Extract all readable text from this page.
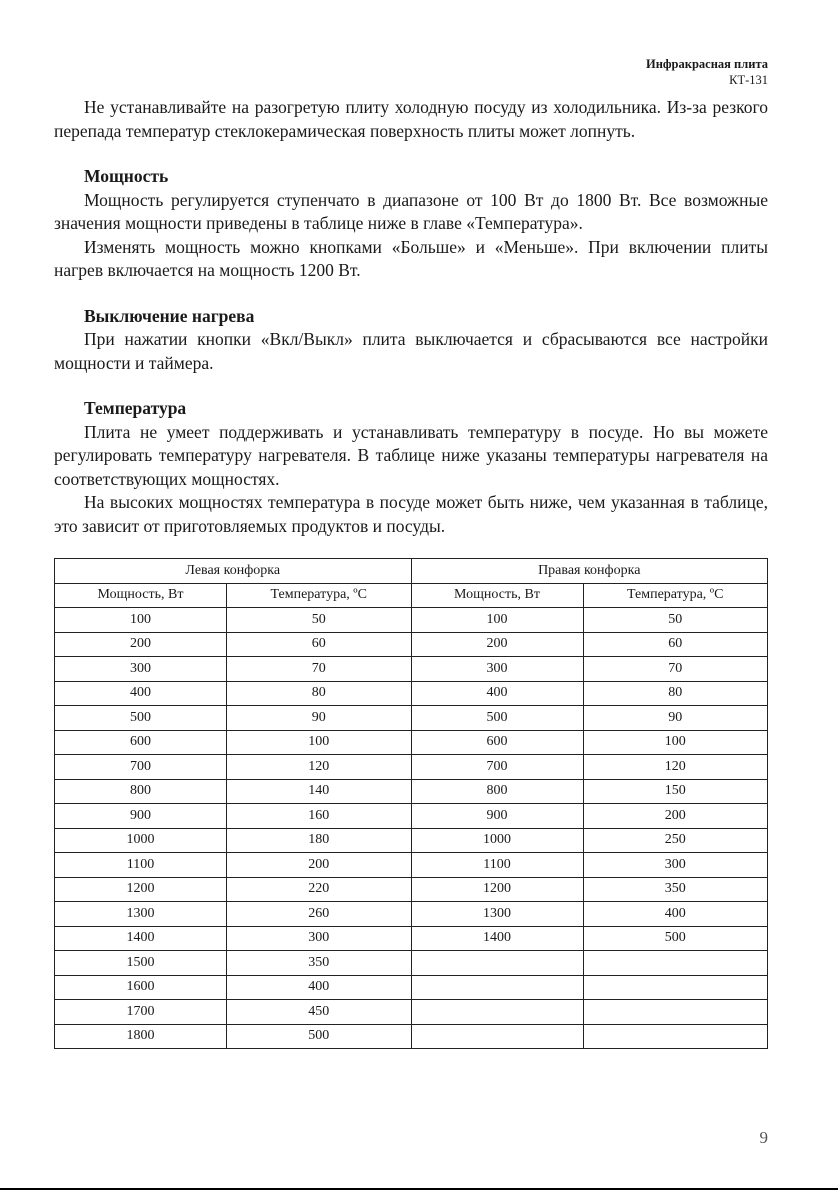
Инфракрасная плита
КТ-131

Не устанавливайте на разогретую плиту холодную посуду из холодильника. Из-за резкого перепада температур стеклокерамическая поверхность плиты может лопнуть.

Мощность

Мощность регулируется ступенчато в диапазоне от 100 Вт до 1800 Вт. Все возможные значения мощности приведены в таблице ниже в главе «Температура».

Изменять мощность можно кнопками «Больше» и «Меньше». При включении плиты нагрев включается на мощность 1200 Вт.

Выключение нагрева

При нажатии кнопки «Вкл/Выкл» плита выключается и сбрасываются все настройки мощности и таймера.

Температура

Плита не умеет поддерживать и устанавливать температуру в посуде. Но вы можете регулировать температуру нагревателя. В таблице ниже указаны температуры нагревателя на соответствующих мощностях.

На высоких мощностях температура в посуде может быть ниже, чем указанная в таблице, это зависит от приготовляемых продуктов и посуды.

Левая конфорка		Правая конфорка	
Мощность, Вт	Температура, ºС	Мощность, Вт	Температура, ºС
100	50	100	50
200	60	200	60
300	70	300	70
400	80	400	80
500	90	500	90
600	100	600	100
700	120	700	120
800	140	800	150
900	160	900	200
1000	180	1000	250
1100	200	1100	300
1200	220	1200	350
1300	260	1300	400
1400	300	1400	500
1500	350		
1600	400		
1700	450		
1800	500		
9
